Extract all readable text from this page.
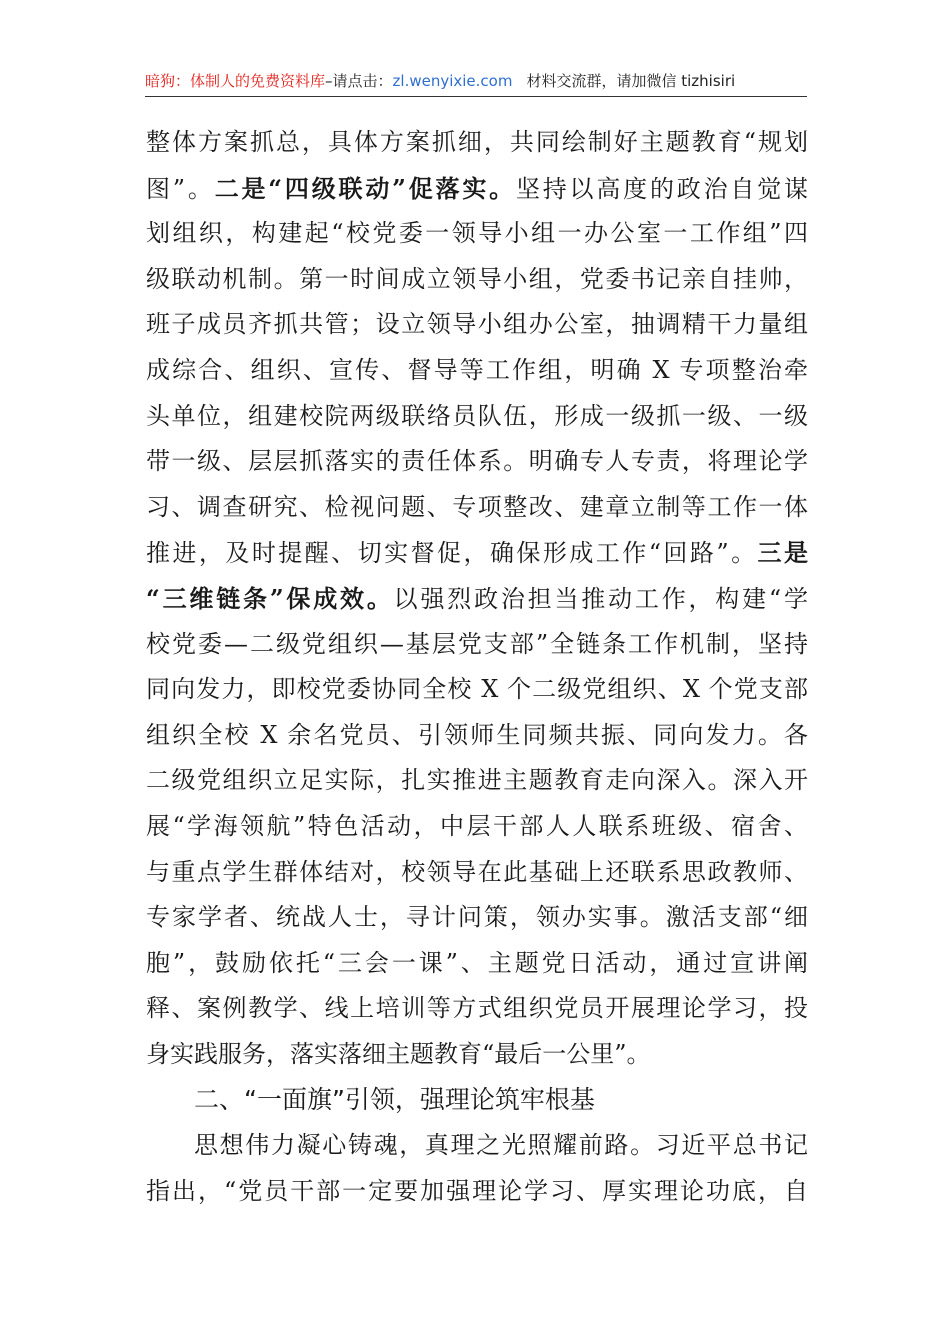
暗狗：体制人的免费资料库–请点击：zl.wenyixie.com 材料交流群，请加微信 tizhisiri
整体方案抓总，具体方案抓细，共同绘制好主题教育“规划
图”。二是“四级联动”促落实。坚持以高度的政治自觉谋
划组织，构建起“校党委一领导小组一办公室一工作组”四
级联动机制。第一时间成立领导小组，党委书记亲自挂帅，
班子成员齐抓共管；设立领导小组办公室，抽调精干力量组
成综合、组织、宣传、督导等工作组，明确 X 专项整治牵
头单位，组建校院两级联络员队伍，形成一级抓一级、一级
带一级、层层抓落实的责任体系。明确专人专责，将理论学
习、调查研究、检视问题、专项整改、建章立制等工作一体
推进，及时提醒、切实督促，确保形成工作“回路”。三是
“三维链条”保成效。以强烈政治担当推动工作，构建“学
校党委—二级党组织—基层党支部”全链条工作机制，坚持
同向发力，即校党委协同全校 X 个二级党组织、X 个党支部
组织全校 X 余名党员、引领师生同频共振、同向发力。各
二级党组织立足实际，扎实推进主题教育走向深入。深入开
展“学海领航”特色活动，中层干部人人联系班级、宿舍、
与重点学生群体结对，校领导在此基础上还联系思政教师、
专家学者、统战人士，寻计问策，领办实事。激活支部“细
胞”，鼓励依托“三会一课”、主题党日活动，通过宣讲阐
释、案例教学、线上培训等方式组织党员开展理论学习，投
身实践服务，落实落细主题教育“最后一公里”。
二、“一面旗”引领，强理论筑牢根基
思想伟力凝心铸魂，真理之光照耀前路。习近平总书记
指出，“党员干部一定要加强理论学习、厚实理论功底，自
